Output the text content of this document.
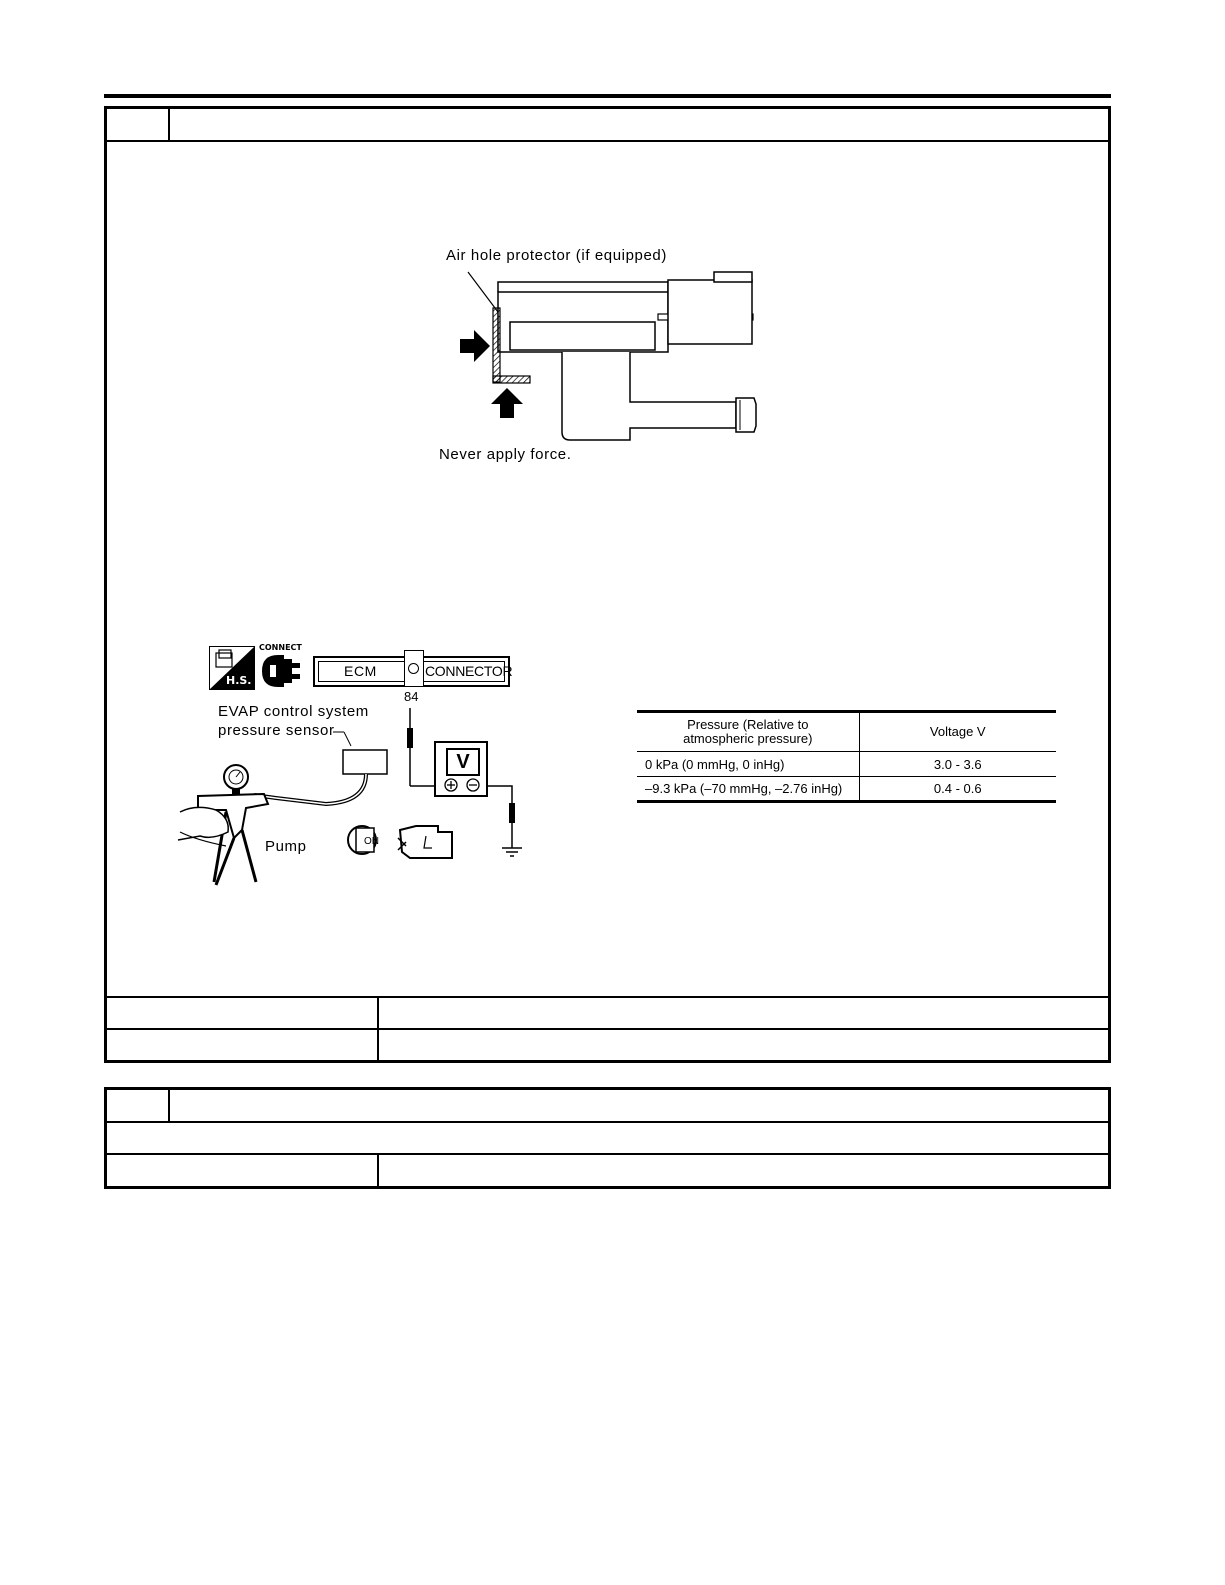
Air hole protector (if equipped)
Never apply force.
H.S.
CONNECT
ECM	CONNECTOR
84
EVAP control system
pressure sensor
ON
Pump
V
Pressure (Relative to
atmospheric pressure)	Voltage V
0 kPa (0 mmHg, 0 inHg)	3.0 - 3.6
–9.3 kPa (–70 mmHg, –2.76 inHg)	0.4 - 0.6
